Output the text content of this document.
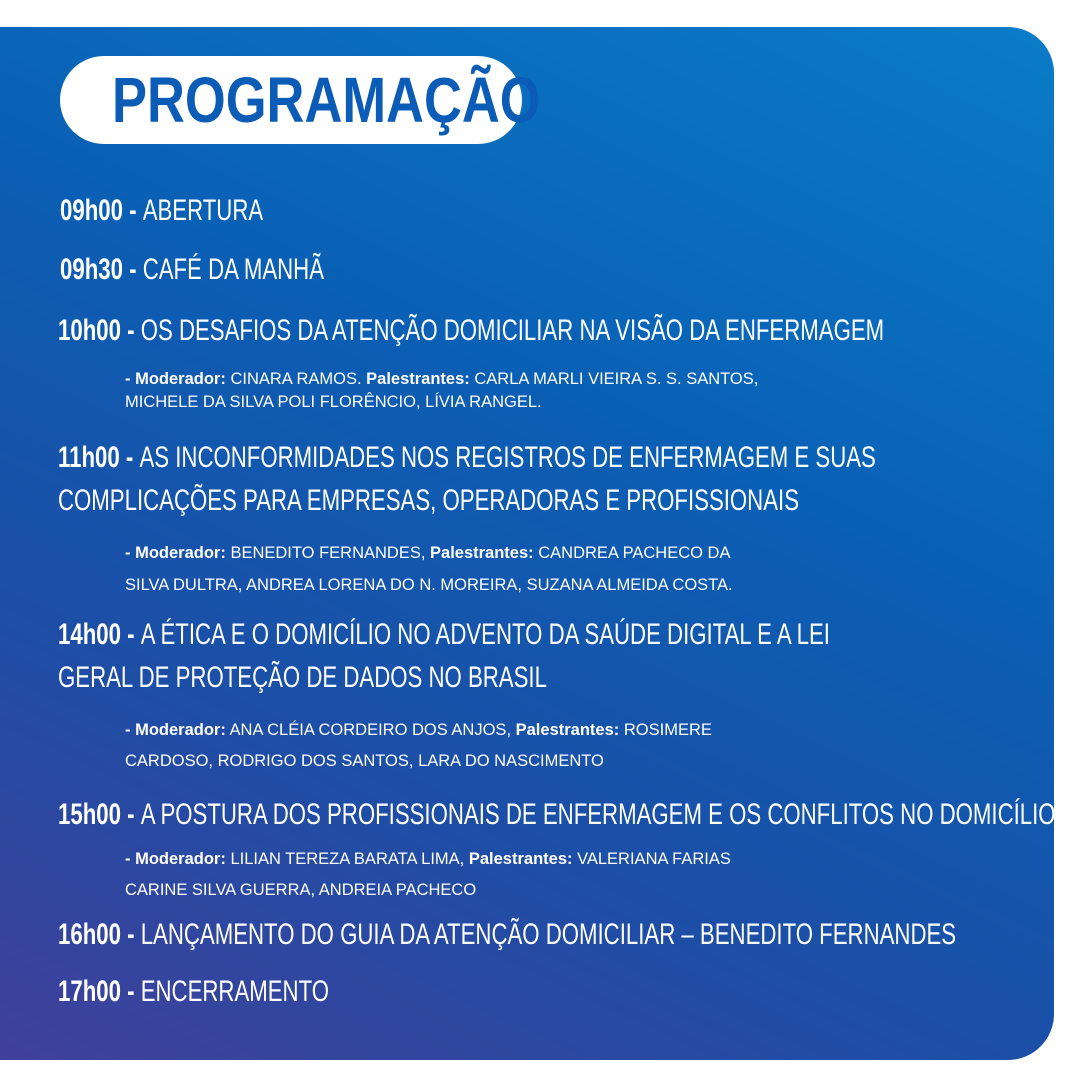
PROGRAMAÇÃO
09h00 - ABERTURA
09h30 - CAFÉ DA MANHÃ
10h00 - OS DESAFIOS DA ATENÇÃO DOMICILIAR NA VISÃO DA ENFERMAGEM
- Moderador: CINARA RAMOS. Palestrantes: CARLA MARLI VIEIRA S. S. SANTOS,
MICHELE DA SILVA POLI FLORÊNCIO, LÍVIA RANGEL.
11h00 - AS INCONFORMIDADES NOS REGISTROS DE ENFERMAGEM E SUAS
COMPLICAÇÕES PARA EMPRESAS, OPERADORAS E PROFISSIONAIS
- Moderador: BENEDITO FERNANDES, Palestrantes: CANDREA PACHECO DA
SILVA DULTRA, ANDREA LORENA DO N. MOREIRA, SUZANA ALMEIDA COSTA.
14h00 - A ÉTICA E O DOMICÍLIO NO ADVENTO DA SAÚDE DIGITAL E A LEI
GERAL DE PROTEÇÃO DE DADOS NO BRASIL
- Moderador: ANA CLÉIA CORDEIRO DOS ANJOS, Palestrantes: ROSIMERE
CARDOSO, RODRIGO DOS SANTOS, LARA DO NASCIMENTO
15h00 - A POSTURA DOS PROFISSIONAIS DE ENFERMAGEM E OS CONFLITOS NO DOMICÍLIO
- Moderador: LILIAN TEREZA BARATA LIMA, Palestrantes: VALERIANA FARIAS
CARINE SILVA GUERRA, ANDREIA PACHECO
16h00 - LANÇAMENTO DO GUIA DA ATENÇÃO DOMICILIAR – BENEDITO FERNANDES
17h00 - ENCERRAMENTO
